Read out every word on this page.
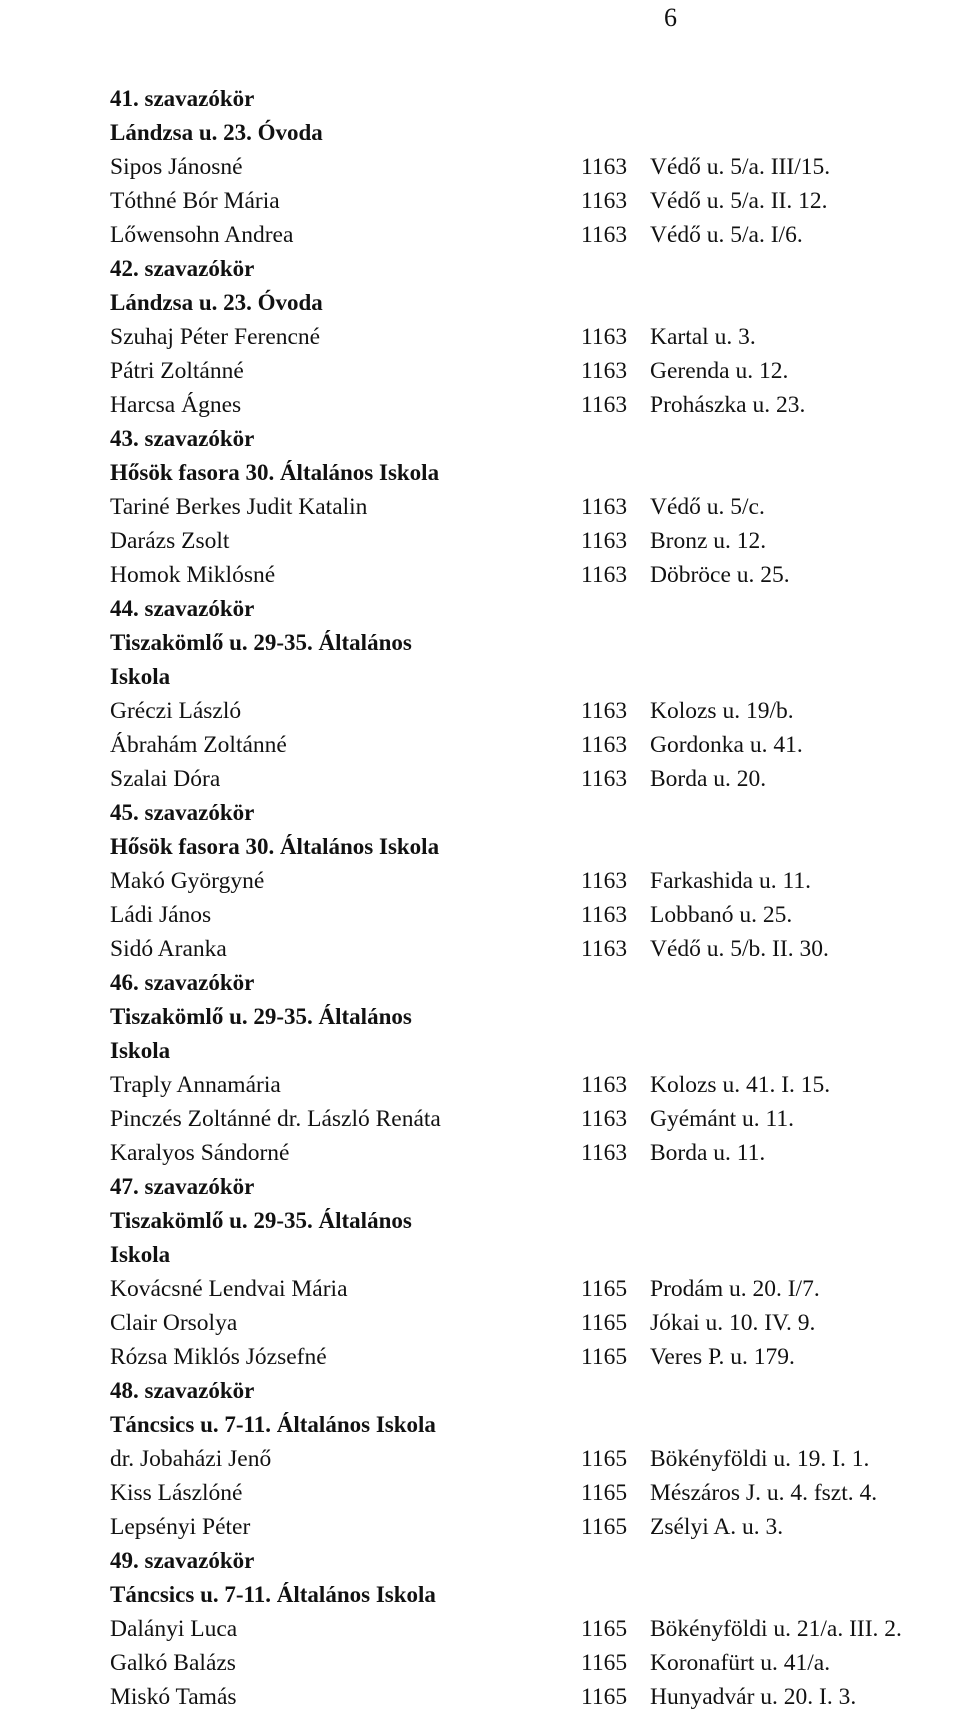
6
41. szavazókör
Lándzsa u. 23. Óvoda
Sipos Jánosné	1163 Védő u. 5/a. III/15.
Tóthné Bór Mária	1163 Védő u. 5/a. II. 12.
Lőwensohn Andrea	1163 Védő u. 5/a. I/6.
42. szavazókör
Lándzsa u. 23. Óvoda
Szuhaj Péter Ferencné	1163 Kartal u. 3.
Pátri Zoltánné	1163 Gerenda u. 12.
Harcsa Ágnes	1163 Prohászka u. 23.
43. szavazókör
Hősök fasora 30. Általános Iskola
Tariné Berkes Judit Katalin	1163 Védő u. 5/c.
Darázs Zsolt	1163 Bronz u. 12.
Homok Miklósné	1163 Döbröce u. 25.
44. szavazókör
Tiszakömlő u. 29-35. Általános
Iskola
Gréczi László	1163 Kolozs u. 19/b.
Ábrahám Zoltánné	1163 Gordonka u. 41.
Szalai Dóra	1163 Borda u. 20.
45. szavazókör
Hősök fasora 30. Általános Iskola
Makó Györgyné	1163 Farkashida u. 11.
Ládi János	1163 Lobbanó u. 25.
Sidó Aranka	1163 Védő u. 5/b. II. 30.
46. szavazókör
Tiszakömlő u. 29-35. Általános
Iskola
Traply Annamária	1163 Kolozs u. 41. I. 15.
Pinczés Zoltánné dr. László Renáta	1163 Gyémánt u. 11.
Karalyos Sándorné	1163 Borda u. 11.
47. szavazókör
Tiszakömlő u. 29-35. Általános
Iskola
Kovácsné Lendvai Mária	1165 Prodám u. 20. I/7.
Clair Orsolya	1165 Jókai u. 10. IV. 9.
Rózsa Miklós Józsefné	1165 Veres P. u. 179.
48. szavazókör
Táncsics u. 7-11. Általános Iskola
dr. Jobaházi Jenő	1165 Bökényföldi u. 19. I. 1.
Kiss Lászlóné	1165 Mészáros J. u. 4. fszt. 4.
Lepsényi Péter	1165 Zsélyi A. u. 3.
49. szavazókör
Táncsics u. 7-11. Általános Iskola
Dalányi Luca	1165 Bökényföldi u. 21/a. III. 2.
Galkó Balázs	1165 Koronafürt u. 41/a.
Miskó Tamás	1165 Hunyadvár u. 20. I. 3.
